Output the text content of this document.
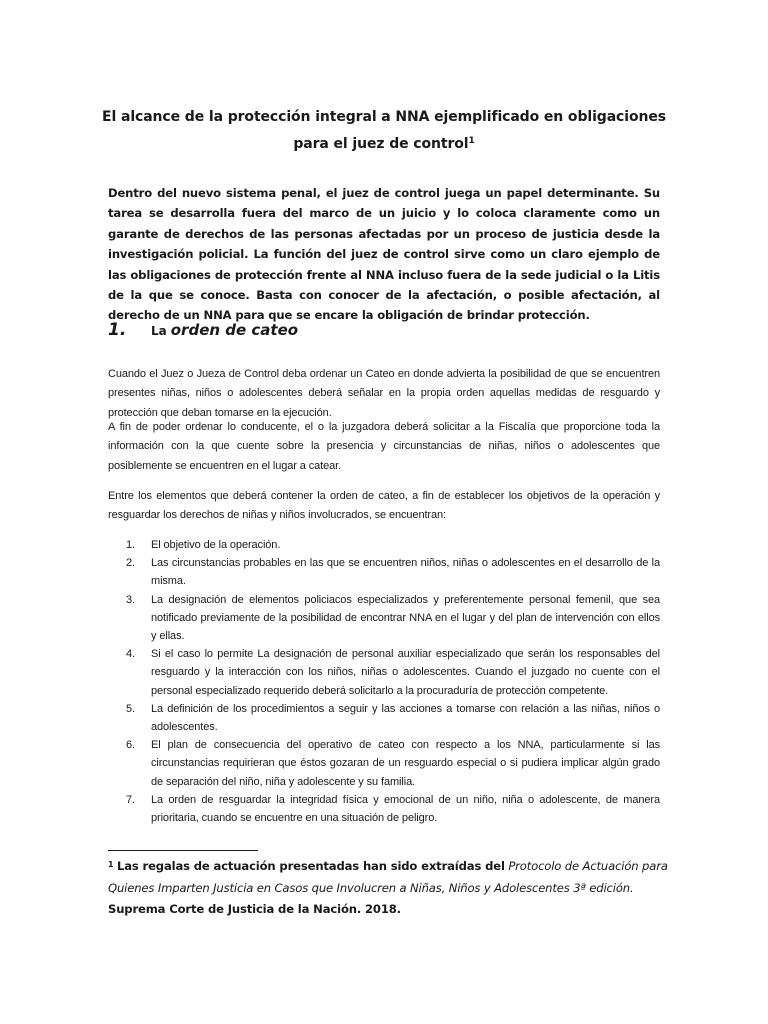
El alcance de la protección integral a NNA ejemplificado en obligaciones
para el juez de control$^1$
Dentro del nuevo sistema penal, el juez de control juega un papel determinante. Su tarea se desarrolla fuera del marco de un juicio y lo coloca claramente como un garante de derechos de las personas afectadas por un proceso de justicia desde la investigación policial. La función del juez de control sirve como un claro ejemplo de las obligaciones de protección frente al NNA incluso fuera de la sede judicial o la Litis de la que se conoce. Basta con conocer de la afectación, o posible afectación, al derecho de un NNA para que se encare la obligación de brindar protección.
1.	La orden de cateo
Cuando el Juez o Jueza de Control deba ordenar un Cateo en donde advierta la posibilidad de que se encuentren presentes niñas, niños o adolescentes deberá señalar en la propia orden aquellas medidas de resguardo y protección que deban tomarse en la ejecución.
A fin de poder ordenar lo conducente, el o la juzgadora deberá solicitar a la Fiscalía que proporcione toda la información con la que cuente sobre la presencia y circunstancias de niñas, niños o adolescentes que posiblemente se encuentren en el lugar a catear.
Entre los elementos que deberá contener la orden de cateo, a fin de establecer los objetivos de la operación y resguardar los derechos de niñas y niños involucrados, se encuentran:
1.	El objetivo de la operación.
2.	Las circunstancias probables en las que se encuentren niños, niñas o adolescentes en el desarrollo de la misma.
3.	La designación de elementos policiacos especializados y preferentemente personal femenil, que sea notificado previamente de la posibilidad de encontrar NNA en el lugar y del plan de intervención con ellos y ellas.
4.	Si el caso lo permite La designación de personal auxiliar especializado que serán los responsables del resguardo y la interacción con los niños, niñas o adolescentes. Cuando el juzgado no cuente con el personal especializado requerido deberá solicitarlo a la procuraduría de protección competente.
5.	La definición de los procedimientos a seguir y las acciones a tomarse con relación a las niñas, niños o adolescentes.
6.	El plan de consecuencia del operativo de cateo con respecto a los NNA, particularmente si las circunstancias requirieran que éstos gozaran de un resguardo especial o si pudiera implicar algún grado de separación del niño, niña y adolescente y su familia.
7.	La orden de resguardar la integridad física y emocional de un niño, niña o adolescente, de manera prioritaria, cuando se encuentre en una situación de peligro.
$^1$ Las regalas de actuación presentadas han sido extraídas del Protocolo de Actuación para Quienes Imparten Justicia en Casos que Involucren a Niñas, Niños y Adolescentes 3ª edición. Suprema Corte de Justicia de la Nación. 2018.
